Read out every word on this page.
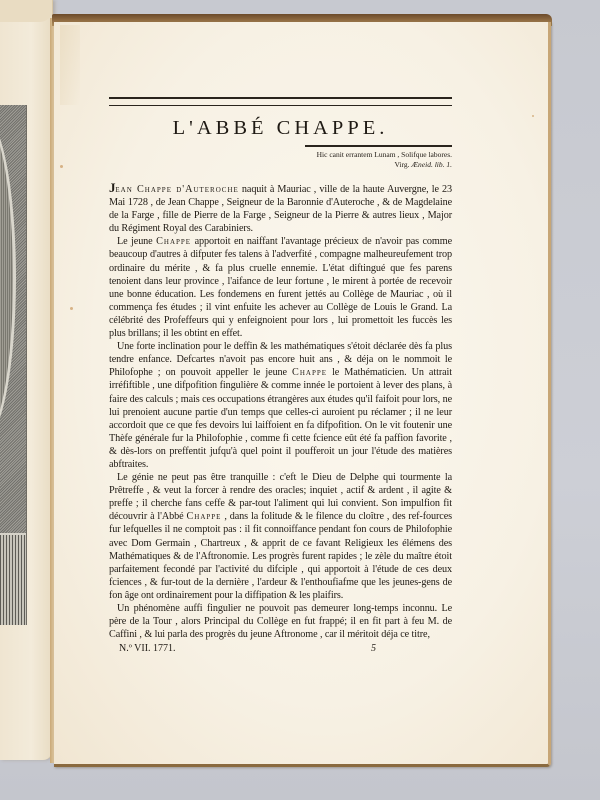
L'ABBÉ CHAPPE.
Hic canit errantem Lunam , Solifque labores.
Virg. Æneid. lib. 1.

Jean Chappe d'Auteroche naquit à Mauriac , ville de la haute Auvergne, le 23 Mai 1728 , de Jean Chappe , Seigneur de la Baronnie d'Auteroche , & de Magdelaine de la Farge , fille de Pierre de la Farge , Seigneur de la Pierre & autres lieux , Major du Régiment Royal des Carabiniers.

Le jeune Chappe apportoit en naiffant l'avantage précieux de n'avoir pas comme beaucoup d'autres à difputer fes talens à l'adverfité , compagne malheureufement trop ordinaire du mérite , & fa plus cruelle ennemie. L'état diftingué que fes parens tenoient dans leur province , l'aifance de leur fortune , le mirent à portée de recevoir une bonne éducation. Les fondemens en furent jettés au Collège de Mauriac , où il commença fes études ; il vint enfuite les achever au Collège de Louis le Grand. La célébrité des Profeffeurs qui y enfeignoient pour lors , lui promettoit les fuccès les plus brillans; il les obtint en effet.

Une forte inclination pour le deffin & les mathématiques s'étoit déclarée dès fa plus tendre enfance. Defcartes n'avoit pas encore huit ans , & déja on le nommoit le Philofophe ; on pouvoit appeller le jeune Chappe le Mathématicien. Un attrait irréfiftible , une difpofition fingulière & comme innée le portoient à lever des plans, à faire des calculs ; mais ces occupations étrangères aux études qu'il faifoit pour lors, ne lui prenoient aucune partie d'un temps que celles-ci auroient pu réclamer ; il ne leur accordoit que ce que fes devoirs lui laiffoient en fa difpofition. On le vit foutenir une Thèfe générale fur la Philofophie , comme fi cette fcience eût été fa paffion favorite , & dès-lors on preffentit jufqu'à quel point il poufferoit un jour l'étude des matières abftraites.

Le génie ne peut pas être tranquille : c'eft le Dieu de Delphe qui tourmente la Prêtreffe , & veut la forcer à rendre des oracles; inquiet , actif & ardent , il agite & preffe ; il cherche fans ceffe & par-tout l'aliment qui lui convient. Son impulfion fit découvrir à l'Abbé Chappe , dans la folitude & le filence du cloître , des ref-fources fur lefquelles il ne comptoit pas : il fit connoiffance pendant fon cours de Philofophie avec Dom Germain , Chartreux , & apprit de ce favant Religieux les élémens des Mathématiques & de l'Aftronomie. Les progrès furent rapides ; le zèle du maître étoit parfaitement fecondé par l'activité du difciple , qui apportoit à l'étude de ces deux fciences , & fur-tout de la dernière , l'ardeur & l'enthoufiafme que les jeunes-gens de fon âge ont ordinairement pour la diffipation & les plaifirs.

Un phénomène auffi fingulier ne pouvoit pas demeurer long-temps inconnu. Le père de la Tour , alors Principal du Collège en fut frappé; il en fit part à feu M. de Caffini , & lui parla des progrès du jeune Aftronome , car il méritoit déja ce titre,

N.º VII. 1771.	5
